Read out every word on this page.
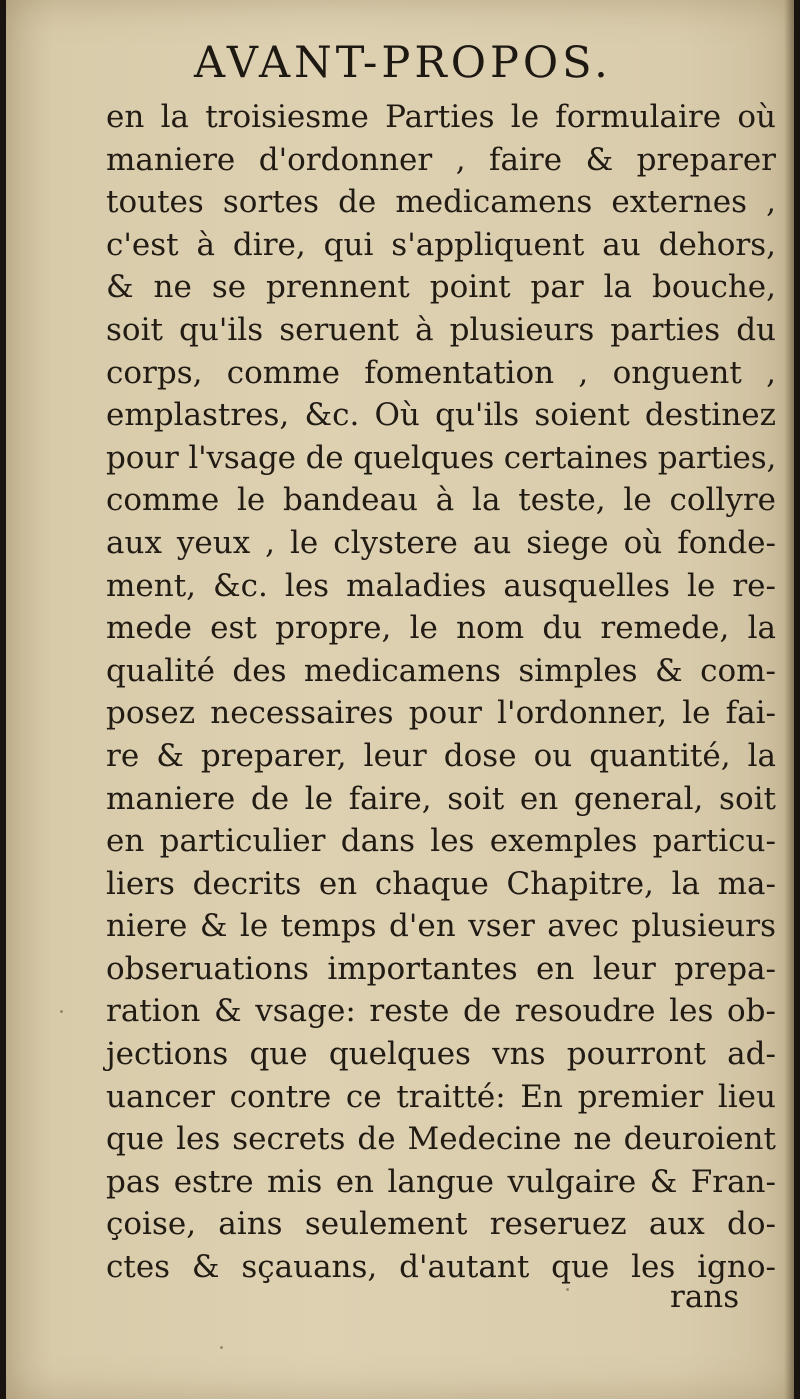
AVANT-PROPOS.
en la troisiesme Parties le formulaire où
maniere d'ordonner , faire & preparer
toutes sortes de medicamens externes ,
c'est à dire, qui s'appliquent au dehors,
& ne se prennent point par la bouche,
soit qu'ils seruent à plusieurs parties du
corps, comme fomentation , onguent ,
emplastres, &c. Où qu'ils soient destinez
pour l'vsage de quelques certaines parties,
comme le bandeau à la teste, le collyre
aux yeux , le clystere au siege où fonde-
ment, &c. les maladies ausquelles le re-
mede est propre, le nom du remede, la
qualité des medicamens simples & com-
posez necessaires pour l'ordonner, le fai-
re & preparer, leur dose ou quantité, la
maniere de le faire, soit en general, soit
en particulier dans les exemples particu-
liers decrits en chaque Chapitre, la ma-
niere & le temps d'en vser avec plusieurs
obseruations importantes en leur prepa-
ration & vsage: reste de resoudre les ob-
jections que quelques vns pourront ad-
uancer contre ce traitté: En premier lieu
que les secrets de Medecine ne deuroient
pas estre mis en langue vulgaire & Fran-
çoise, ains seulement reseruez aux do-
ctes & sçauans, d'autant que les igno-
rans
